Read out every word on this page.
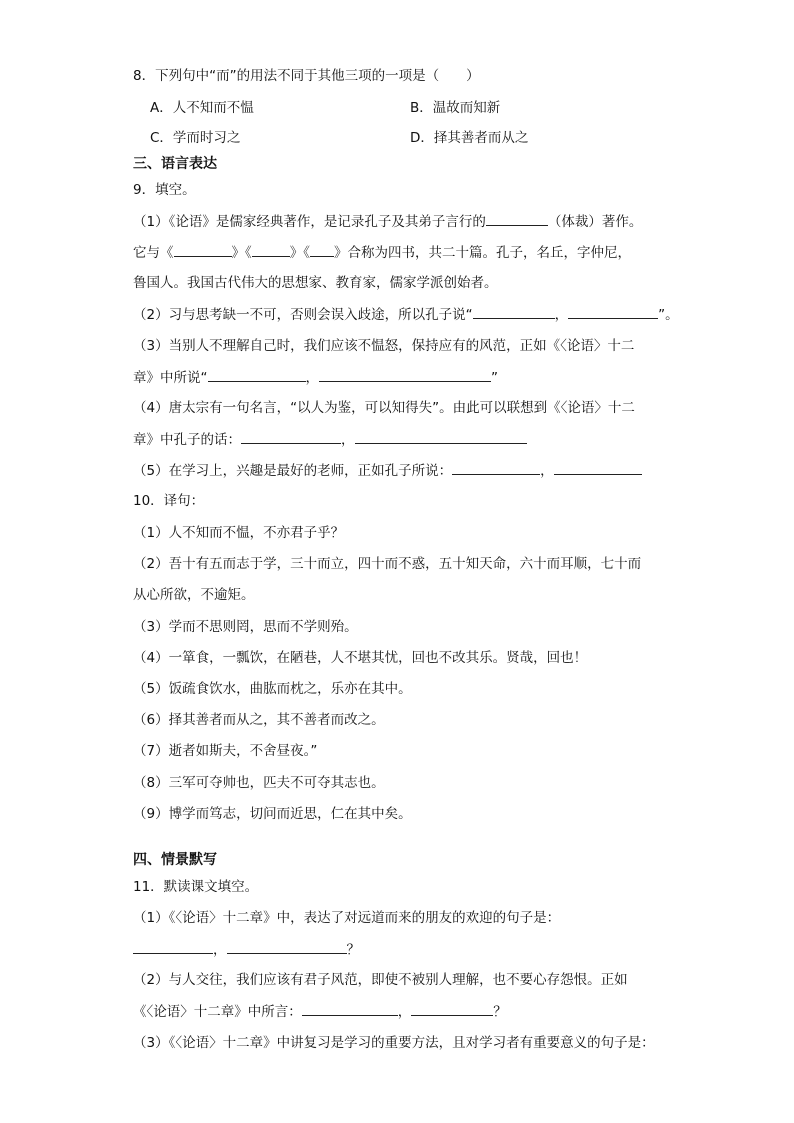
8．下列句中“而”的用法不同于其他三项的一项是（　　）
A．人不知而不愠	B．温故而知新
C．学而时习之	D．择其善者而从之
三、语言表达
9．填空。
（1）《论语》是儒家经典著作，是记录孔子及其弟子言行的	（体裁）著作。
它与《	》《	》《 》合称为四书，共二十篇。孔子，名丘，字仲尼，
鲁国人。我国古代伟大的思想家、教育家，儒家学派创始者。
（2）习与思考缺一不可，否则会误入歧途，所以孔子说“	，	”。
（3）当别人不理解自己时，我们应该不愠怒，保持应有的风范，正如《〈论语〉十二
章》中所说“	，	”
（4）唐太宗有一句名言，“以人为鉴，可以知得失”。由此可以联想到《〈论语〉十二
章》中孔子的话：	，
（5）在学习上，兴趣是最好的老师，正如孔子所说：	，
10．译句：
（1）人不知而不愠，不亦君子乎？
（2）吾十有五而志于学，三十而立，四十而不惑，五十知天命，六十而耳顺，七十而
从心所欲，不逾矩。
（3）学而不思则罔，思而不学则殆。
（4）一箪食，一瓢饮，在陋巷，人不堪其忧，回也不改其乐。贤哉，回也！
（5）饭疏食饮水，曲肱而枕之，乐亦在其中。
（6）择其善者而从之，其不善者而改之。
（7）逝者如斯夫，不舍昼夜。”
（8）三军可夺帅也，匹夫不可夺其志也。
（9）博学而笃志，切问而近思，仁在其中矣。
四、情景默写
11．默读课文填空。
（1）《〈论语〉十二章》中，表达了对远道而来的朋友的欢迎的句子是：
，	？
（2）与人交往，我们应该有君子风范，即使不被别人理解，也不要心存怨恨。正如
《〈论语〉十二章》中所言：	，	？
（3）《〈论语〉十二章》中讲复习是学习的重要方法，且对学习者有重要意义的句子是：
